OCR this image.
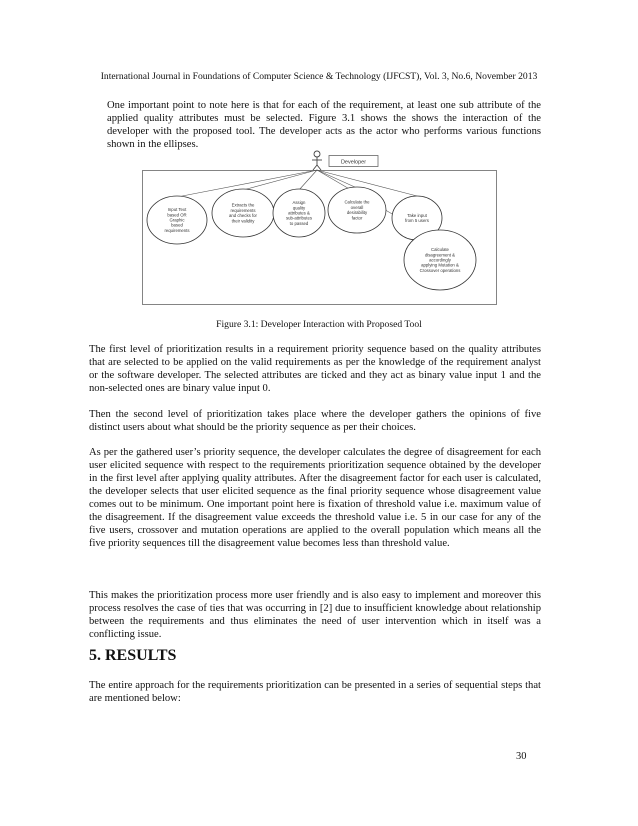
International Journal in Foundations of Computer Science & Technology (IJFCST), Vol. 3, No.6, November 2013

One important point to note here is that for each of the requirement, at least one sub attribute of the applied quality attributes must be selected. Figure 3.1 shows the shows the interaction of the developer with the proposed tool. The developer acts as the actor who performs various functions shown in the ellipses.

Developer
Input Text based OR Graphic based requirements
Extracts the requirements and checks for their validity
Assign quality attributes & sub-attributes to passed
Calculate the overall desirability factor	Take input from 5 users
Calculate disagreement & accordingly applying Mutation & Crossover operations
Figure 3.1: Developer Interaction with Proposed Tool

The first level of prioritization results in a requirement priority sequence based on the quality attributes that are selected to be applied on the valid requirements as per the knowledge of the requirement analyst or the software developer. The selected attributes are ticked and they act as binary value input 1 and the non-selected ones are binary value input 0.

Then the second level of prioritization takes place where the developer gathers the opinions of five distinct users about what should be the priority sequence as per their choices.

As per the gathered user’s priority sequence, the developer calculates the degree of disagreement for each user elicited sequence with respect to the requirements prioritization sequence obtained by the developer in the first level after applying quality attributes. After the disagreement factor for each user is calculated, the developer selects that user elicited sequence as the final priority sequence whose disagreement value comes out to be minimum. One important point here is fixation of threshold value i.e. maximum value of the disagreement. If the disagreement value exceeds the threshold value i.e. 5 in our case for any of the five users, crossover and mutation operations are applied to the overall population which means all the five priority sequences till the disagreement value becomes less than threshold value.

This makes the prioritization process more user friendly and is also easy to implement and moreover this process resolves the case of ties that was occurring in [2] due to insufficient knowledge about relationship between the requirements and thus eliminates the need of user intervention which in itself was a conflicting issue.

5. RESULTS

The entire approach for the requirements prioritization can be presented in a series of sequential steps that are mentioned below:

30
